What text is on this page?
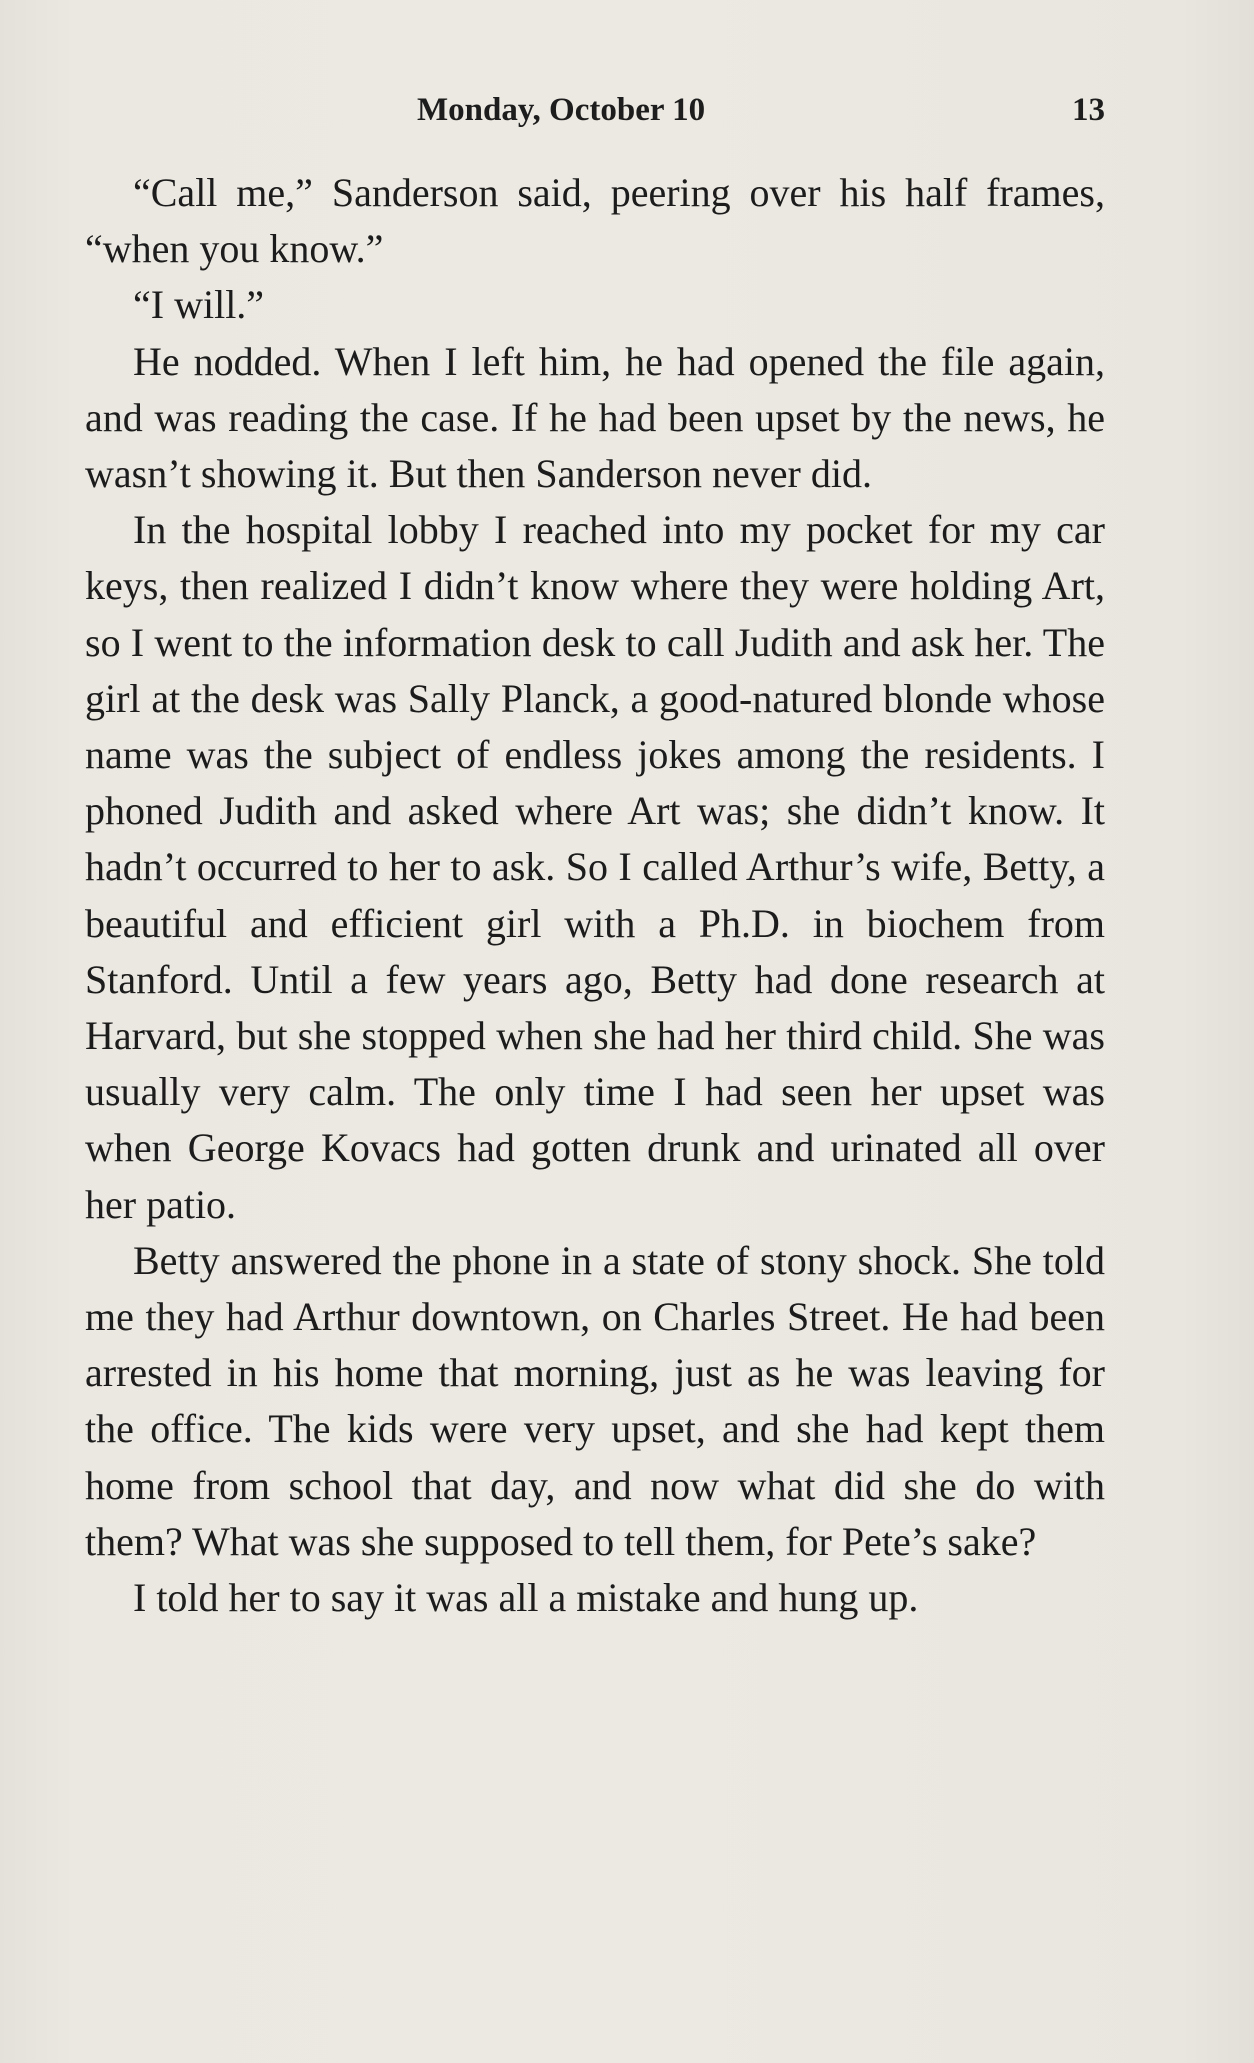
Monday, October 10	13

“Call me,” Sanderson said, peering over his half frames, “when you know.”

“I will.”

He nodded. When I left him, he had opened the file again, and was reading the case. If he had been upset by the news, he wasn’t showing it. But then Sanderson never did.

In the hospital lobby I reached into my pocket for my car keys, then realized I didn’t know where they were holding Art, so I went to the information desk to call Judith and ask her. The girl at the desk was Sally Planck, a good-natured blonde whose name was the subject of endless jokes among the residents. I phoned Judith and asked where Art was; she didn’t know. It hadn’t occurred to her to ask. So I called Arthur’s wife, Betty, a beautiful and efficient girl with a Ph.D. in biochem from Stanford. Until a few years ago, Betty had done research at Harvard, but she stopped when she had her third child. She was usually very calm. The only time I had seen her upset was when George Kovacs had gotten drunk and urinated all over her patio.

Betty answered the phone in a state of stony shock. She told me they had Arthur downtown, on Charles Street. He had been arrested in his home that morning, just as he was leaving for the office. The kids were very upset, and she had kept them home from school that day, and now what did she do with them? What was she supposed to tell them, for Pete’s sake?

I told her to say it was all a mistake and hung up.
